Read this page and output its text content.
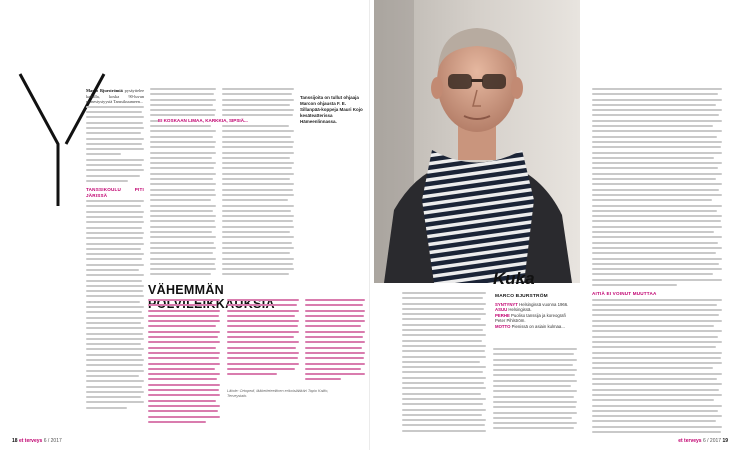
Marco Bjurströmiä pysäyttelee kadulla, koska 90-luvun menestystyystä Tanssikuumeen...

TANSSIKOULU PITI JÄRISSÄ

EI KOSKAAN LIMAA, KARKKIA, SIPSIÄ...

Tanssijoita on tullut ohjaaja Marcon ohjausta F. E. Sillanpää-koppeja Mauri Kojo kesäteatterissa Hämeenlinnassa.
VÄHEMMÄN
Lähde: Ortopedi, lääketieteellinen erikoislääkäri Tapio Kallio, Terveystalo.
18 et terveys 6 / 2017
Kuka
MARCO BJURSTRÖM
SYNTYNYT Helsingissä vuonna 1966.
ASUU Helsingissä.
PERHE Puoliso tanssija ja koreografi Peter Pihlström.
MOTTO Pienissä on asiain kulmaa...

AITIÄ EI VOINUT MUUTTAA

et terveys 6 / 2017 19
